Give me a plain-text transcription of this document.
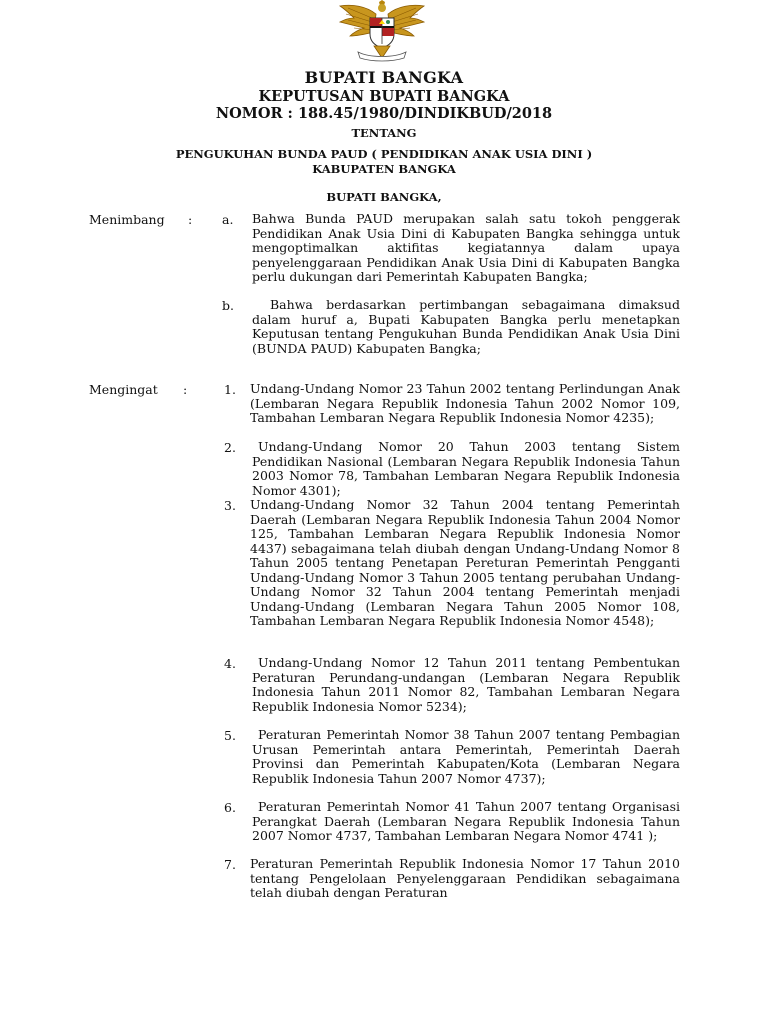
BUPATI BANGKA
KEPUTUSAN BUPATI BANGKA
NOMOR : 188.45/1980/DINDIKBUD/2018
TENTANG
PENGUKUHAN BUNDA PAUD ( PENDIDIKAN ANAK USIA DINI )
KABUPATEN BANGKA
BUPATI BANGKA,
Menimbang : a. Bahwa Bunda PAUD merupakan salah satu tokoh penggerak Pendidikan Anak Usia Dini di Kabupaten Bangka sehingga untuk mengoptimalkan aktifitas kegiatannya dalam upaya penyelenggaraan Pendidikan Anak Usia Dini di Kabupaten Bangka perlu dukungan dari Pemerintah Kabupaten Bangka;
b.	Bahwa berdasarkan pertimbangan sebagaimana dimaksud dalam huruf a, Bupati Kabupaten Bangka perlu menetapkan Keputusan tentang Pengukuhan Bunda Pendidikan Anak Usia Dini (BUNDA PAUD) Kabupaten Bangka;
Mengingat :	1. Undang-Undang Nomor 23 Tahun 2002 tentang Perlindungan Anak (Lembaran Negara Republik Indonesia Tahun 2002 Nomor 109, Tambahan Lembaran Negara Republik Indonesia Nomor 4235);
2.	Undang-Undang Nomor 20 Tahun 2003 tentang Sistem Pendidikan Nasional (Lembaran Negara Republik Indonesia Tahun 2003 Nomor 78, Tambahan Lembaran Negara Republik Indonesia Nomor 4301);
3. Undang-Undang Nomor 32 Tahun 2004 tentang Pemerintah Daerah (Lembaran Negara Republik Indonesia Tahun 2004 Nomor 125, Tambahan Lembaran Negara Republik Indonesia Nomor 4437) sebagaimana telah diubah dengan Undang-Undang Nomor 8 Tahun 2005 tentang Penetapan Pereturan Pemerintah Pengganti Undang-Undang Nomor 3 Tahun 2005 tentang perubahan Undang-Undang Nomor 32 Tahun 2004 tentang Pemerintah menjadi Undang-Undang (Lembaran Negara Tahun 2005 Nomor 108, Tambahan Lembaran Negara Republik Indonesia Nomor 4548);
4.	Undang-Undang Nomor 12 Tahun 2011 tentang Pembentukan Peraturan Perundang-undangan (Lembaran Negara Republik Indonesia Tahun 2011 Nomor 82, Tambahan Lembaran Negara Republik Indonesia Nomor 5234);
5.	Peraturan Pemerintah Nomor 38 Tahun 2007 tentang Pembagian Urusan Pemerintah antara Pemerintah, Pemerintah Daerah Provinsi dan Pemerintah Kabupaten/Kota (Lembaran Negara Republik Indonesia Tahun 2007 Nomor 4737);
6.	Peraturan Pemerintah Nomor 41 Tahun 2007 tentang Organisasi Perangkat Daerah (Lembaran Negara Republik Indonesia Tahun 2007 Nomor 4737, Tambahan Lembaran Negara Nomor 4741 );
7. Peraturan Pemerintah Republik Indonesia Nomor 17 Tahun 2010 tentang Pengelolaan Penyelenggaraan Pendidikan sebagaimana telah diubah dengan Peraturan
